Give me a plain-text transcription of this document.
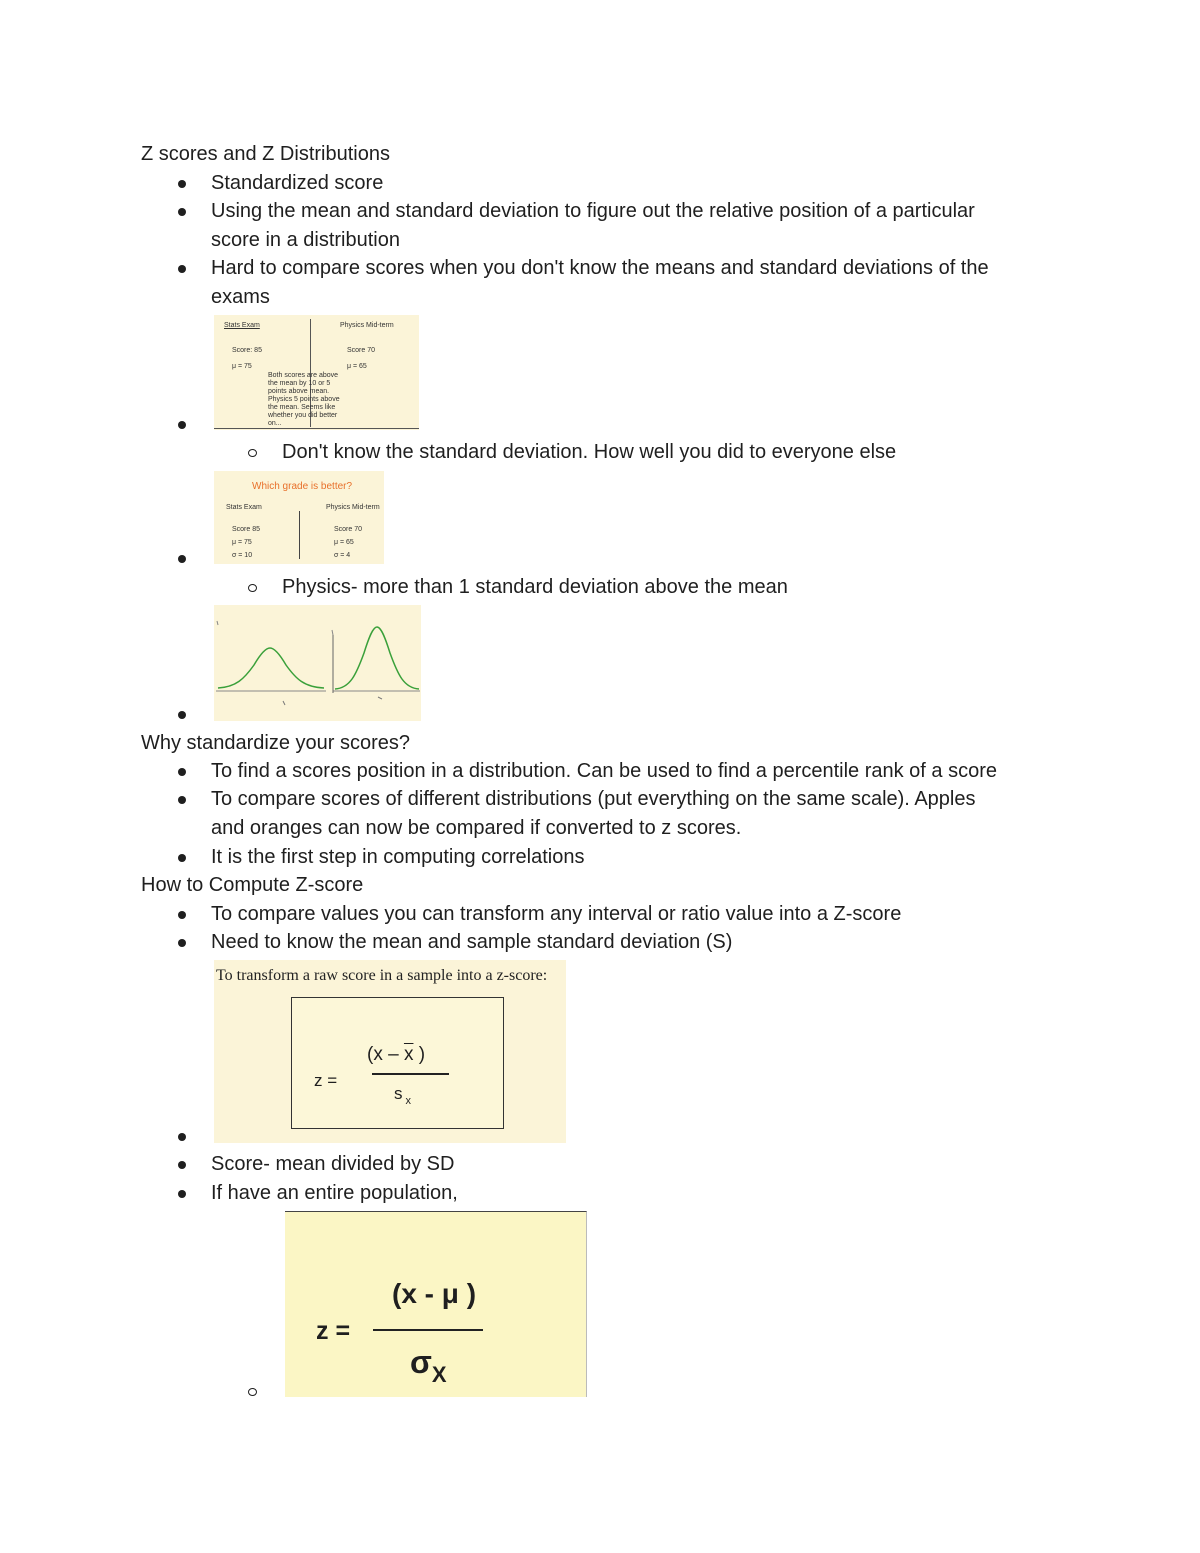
Z scores and Z Distributions
Standardized score
Using the mean and standard deviation to figure out the relative position of a particular
score in a distribution
Hard to compare scores when you don't know the means and standard deviations of the
exams
Stats Exam	Physics Mid-term
Score: 85	Score 70
μ = 75	μ = 65
Both scores are above
the mean by 10 or 5
points above mean.
Physics 5 points above
the mean. Seems like
whether you did better
on...
Don't know the standard deviation. How well you did to everyone else
Which grade is better?
Stats Exam	Physics Mid-term
Score 85
μ = 75
σ = 10
Score 70
μ = 65
σ = 4
Physics- more than 1 standard deviation above the mean
Why standardize your scores?
To find a scores position in a distribution. Can be used to find a percentile rank of a score
To compare scores of different distributions (put everything on the same scale). Apples
and oranges can now be compared if converted to z scores.
It is the first step in computing correlations
How to Compute Z-score
To compare values you can transform any interval or ratio value into a Z-score
Need to know the mean and sample standard deviation (S)
To transform a raw score in a sample into a z-score:
z =
($x - \overline{x}$ )
s $_x$
Score- mean divided by SD
If have an entire population,
z =
(x - μ )
$\sigma_X$
